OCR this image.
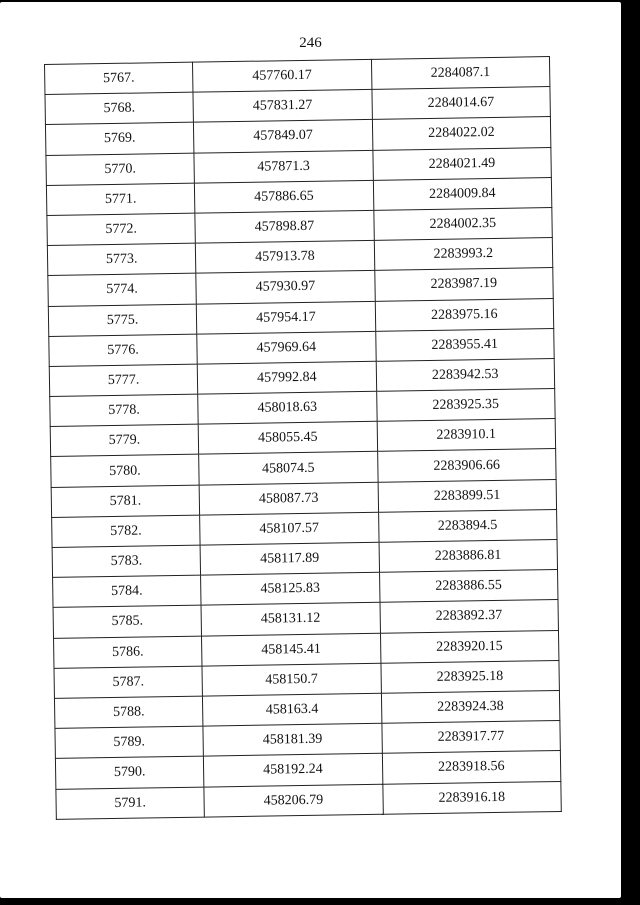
246
5767.	457760.17	2284087.1
5768.	457831.27	2284014.67
5769.	457849.07	2284022.02
5770.	457871.3	2284021.49
5771.	457886.65	2284009.84
5772.	457898.87	2284002.35
5773.	457913.78	2283993.2
5774.	457930.97	2283987.19
5775.	457954.17	2283975.16
5776.	457969.64	2283955.41
5777.	457992.84	2283942.53
5778.	458018.63	2283925.35
5779.	458055.45	2283910.1
5780.	458074.5	2283906.66
5781.	458087.73	2283899.51
5782.	458107.57	2283894.5
5783.	458117.89	2283886.81
5784.	458125.83	2283886.55
5785.	458131.12	2283892.37
5786.	458145.41	2283920.15
5787.	458150.7	2283925.18
5788.	458163.4	2283924.38
5789.	458181.39	2283917.77
5790.	458192.24	2283918.56
5791.	458206.79	2283916.18
